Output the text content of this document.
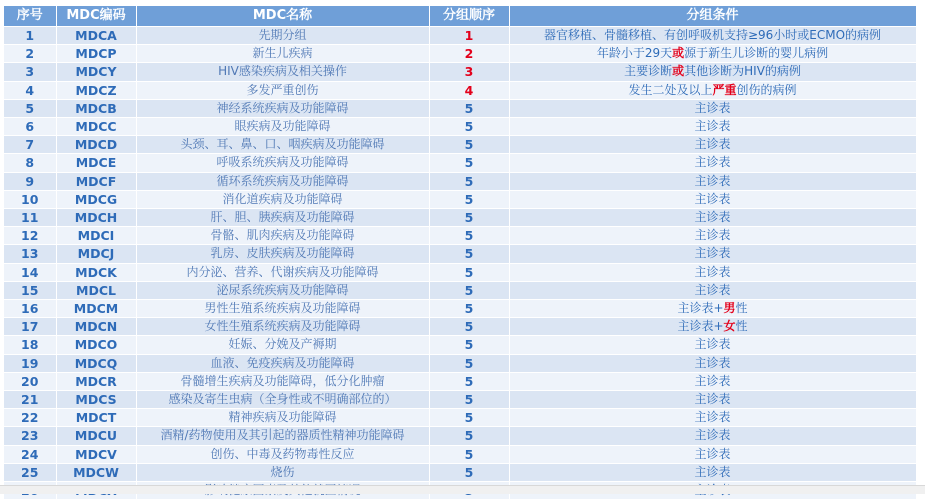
序号	MDC编码	MDC名称	分组顺序	分组条件
1	MDCA	先期分组	1	器官移植、骨髓移植、有创呼吸机支持≥96小时或ECMO的病例
2	MDCP	新生儿疾病	2	年龄小于29天或源于新生儿诊断的婴儿病例
3	MDCY	HIV感染疾病及相关操作	3	主要诊断或其他诊断为HIV的病例
4	MDCZ	多发严重创伤	4	发生二处及以上严重创伤的病例
5	MDCB	神经系统疾病及功能障碍	5	主诊表
6	MDCC	眼疾病及功能障碍	5	主诊表
7	MDCD	头颈、耳、鼻、口、咽疾病及功能障碍	5	主诊表
8	MDCE	呼吸系统疾病及功能障碍	5	主诊表
9	MDCF	循环系统疾病及功能障碍	5	主诊表
10	MDCG	消化道疾病及功能障碍	5	主诊表
11	MDCH	肝、胆、胰疾病及功能障碍	5	主诊表
12	MDCI	骨骼、肌肉疾病及功能障碍	5	主诊表
13	MDCJ	乳房、皮肤疾病及功能障碍	5	主诊表
14	MDCK	内分泌、营养、代谢疾病及功能障碍	5	主诊表
15	MDCL	泌尿系统疾病及功能障碍	5	主诊表
16	MDCM	男性生殖系统疾病及功能障碍	5	主诊表+男性
17	MDCN	女性生殖系统疾病及功能障碍	5	主诊表+女性
18	MDCO	妊娠、分娩及产褥期	5	主诊表
19	MDCQ	血液、免疫疾病及功能障碍	5	主诊表
20	MDCR	骨髓增生疾病及功能障碍，低分化肿瘤	5	主诊表
21	MDCS	感染及寄生虫病（全身性或不明确部位的）	5	主诊表
22	MDCT	精神疾病及功能障碍	5	主诊表
23	MDCU	酒精/药物使用及其引起的器质性精神功能障碍	5	主诊表
24	MDCV	创伤、中毒及药物毒性反应	5	主诊表
25	MDCW	烧伤	5	主诊表
